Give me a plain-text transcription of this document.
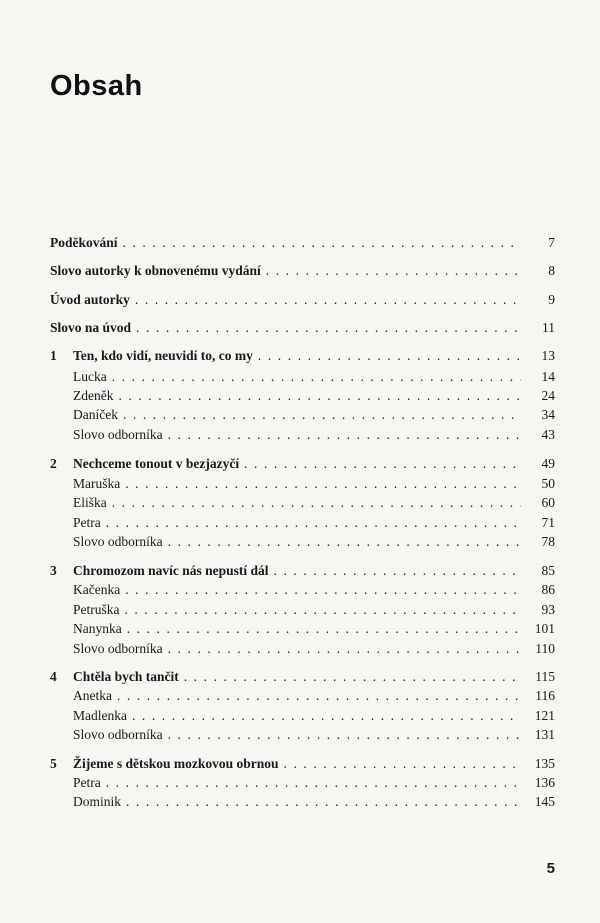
Obsah
Poděkování . . .	7
Slovo autorky k obnovenému vydání . . .	8
Úvod autorky . . .	9
Slovo na úvod . . .	11
1 Ten, kdo vidí, neuvidí to, co my . . .	13
Lucka . . .	14
Zdeněk . . .	24
Daníček . . .	34
Slovo odborníka . . .	43
2 Nechceme tonout v bezjazyčí . . .	49
Maruška . . .	50
Eliška . . .	60
Petra . . .	71
Slovo odborníka . . .	78
3 Chromozom navíc nás nepustí dál . . .	85
Kačenka . . .	86
Petruška . . .	93
Nanynka . . .	101
Slovo odborníka . . .	110
4 Chtěla bych tančit . . .	115
Anetka . . .	116
Madlenka . . .	121
Slovo odborníka . . .	131
5 Žijeme s dětskou mozkovou obrnou . . .	135
Petra . . .	136
Dominik . . .	145
5
